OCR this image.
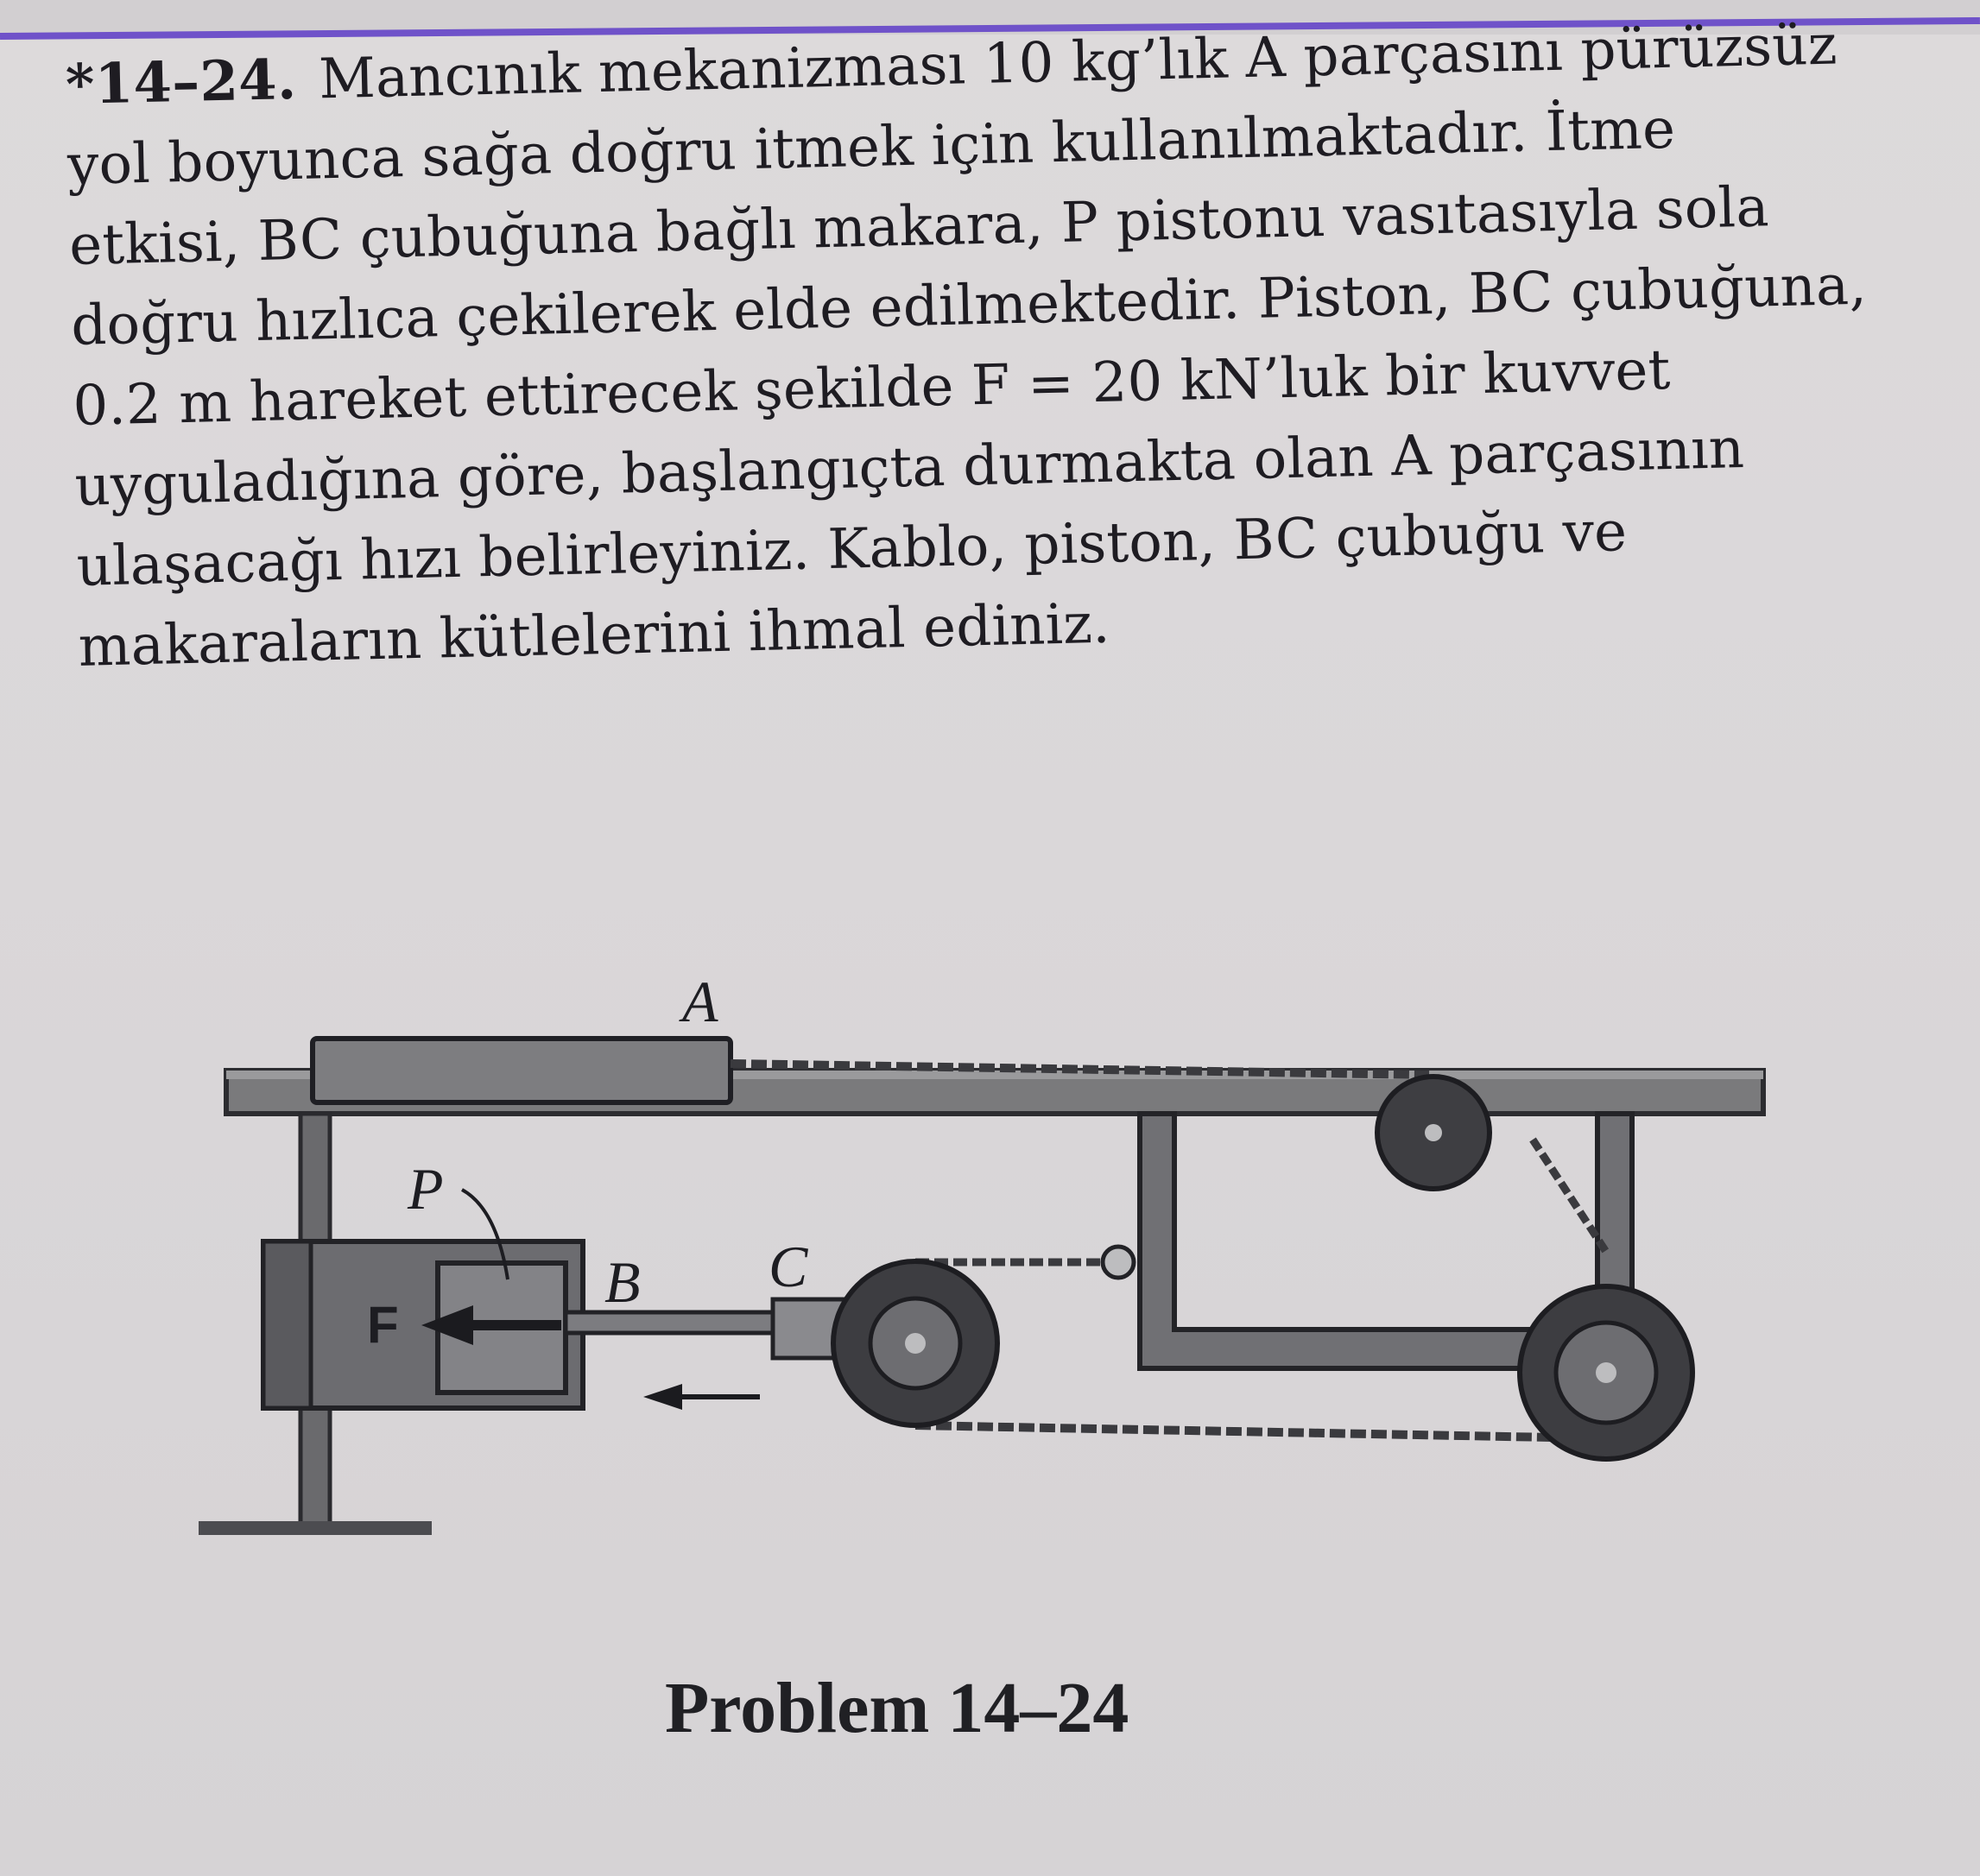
*14–24. Mancınık mekanizması 10 kg’lık A parçasını pürüzsüz yol boyunca sağa doğru itmek için kullanılmaktadır. İtme etkisi, BC çubuğuna bağlı makara, P pistonu vasıtasıyla sola doğru hızlıca çekilerek elde edilmektedir. Piston, BC çubuğuna, 0.2 m hareket ettirecek şekilde F = 20 kN’luk bir kuvvet uyguladığına göre, başlangıçta durmakta olan A parçasının ulaşacağı hızı belirleyiniz. Kablo, piston, BC çubuğu ve makaraların kütlelerini ihmal ediniz.

A
P
F
B C
Problem 14–24
